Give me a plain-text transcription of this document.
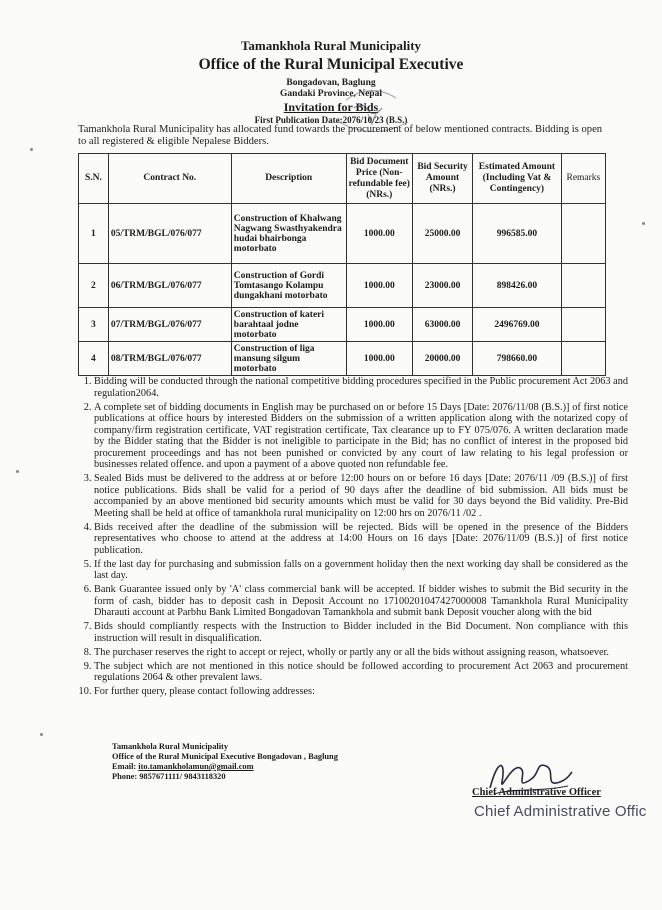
Tamankhola Rural Municipality
Office of the Rural Municipal Executive
Bongadovan, Baglung
Gandaki Province, Nepal
Invitation for Bids
First Publication Date:2076/10/23 (B.S.)
Tamankhola Rural Municipality has allocated fund towards the procurement of below mentioned contracts. Bidding is open to all registered & eligible Nepalese Bidders.
S.N.	Contract No.	Description	Bid Document Price (Non-refundable fee) (NRs.)	Bid Security Amount (NRs.)	Estimated Amount (Including Vat & Contingency)	Remarks
1	05/TRM/BGL/076/077	Construction of Khalwang Nagwang Swasthyakendra hudai bhairbonga motorbato	1000.00	25000.00	996585.00	
2	06/TRM/BGL/076/077	Construction of Gordi Tomtasango Kolampu dungakhani motorbato	1000.00	23000.00	898426.00	
3	07/TRM/BGL/076/077	Construction of kateri barahtaal jodne motorbato	1000.00	63000.00	2496769.00	
4	08/TRM/BGL/076/077	Construction of liga mansung silgum motorbato	1000.00	20000.00	798660.00	
1. Bidding will be conducted through the national competitive bidding procedures specified in the Public procurement Act 2063 and regulation2064.
2. A complete set of bidding documents in English may be purchased on or before 15 Days [Date: 2076/11/08 (B.S.)] of first notice publications at office hours by interested Bidders on the submission of a written application along with the notarized copy of company/firm registration certificate, VAT registration certificate, Tax clearance up to FY 075/076. A written declaration made by the Bidder stating that the Bidder is not ineligible to participate in the Bid; has no conflict of interest in the proposed bid procurement proceedings and has not been punished or convicted by any court of law relating to his legal profession or businesses related offence. and upon a payment of a above quoted non refundable fee.
3. Sealed Bids must be delivered to the address at or before 12:00 hours on or before 16 days [Date: 2076/11 /09 (B.S.)] of first notice publications. Bids shall be valid for a period of 90 days after the deadline of bid submission. All bids must be accompanied by an above mentioned bid security amounts which must be valid for 30 days beyond the Bid validity. Pre-Bid Meeting shall be held at office of tamankhola rural municipality on 12:00 hrs on 2076/11 /02 .
4. Bids received after the deadline of the submission will be rejected. Bids will be opened in the presence of the Bidders representatives who choose to attend at the address at 14:00 Hours on 16 days [Date: 2076/11/09 (B.S.)] of first notice publication.
5. If the last day for purchasing and submission falls on a government holiday then the next working day shall be considered as the last day.
6. Bank Guarantee issued only by 'A' class commercial bank will be accepted. If bidder wishes to submit the Bid security in the form of cash, bidder has to deposit cash in Deposit Account no 17100201047427000008 Tamankhola Rural Municipality Dharauti account at Parbhu Bank Limited Bongadovan Tamankhola and submit bank Deposit voucher along with the bid
7. Bids should compliantly respects with the Instruction to Bidder included in the Bid Document. Non compliance with this instruction will result in disqualification.
8. The purchaser reserves the right to accept or reject, wholly or partly any or all the bids without assigning reason, whatsoever.
9. The subject which are not mentioned in this notice should be followed according to procurement Act 2063 and procurement regulations 2064 & other prevalent laws.
10. For further query, please contact following addresses:
Tamankhola Rural Municipality
Office of the Rural Municipal Executive Bongadovan , Baglung
Email: ito.tamankholamun@gmail.com
Phone: 9857671111/ 9843118320
Chief Administrative Officer
Chief Administrative Offic
